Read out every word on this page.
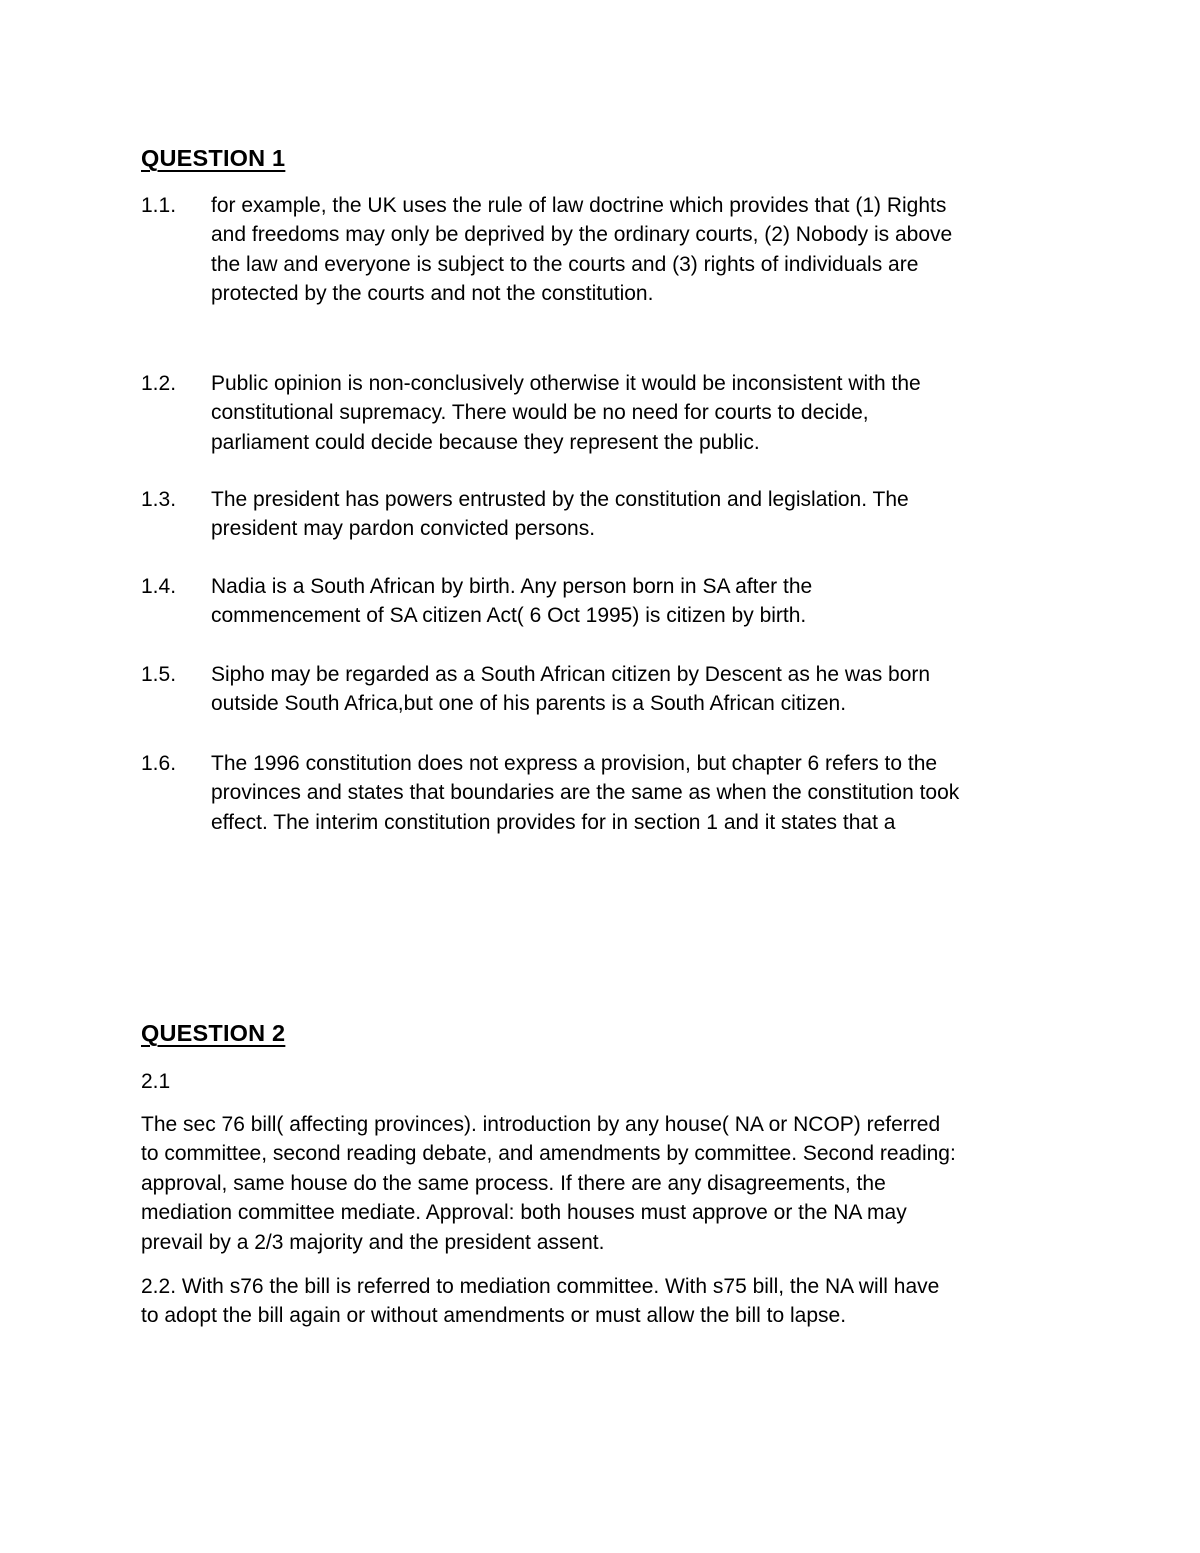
QUESTION 1
1.1.	for example, the UK uses the rule of law doctrine which provides that (1) Rights
and freedoms may only be deprived by the ordinary courts, (2) Nobody is above
the law and everyone is subject to the courts and (3) rights of individuals are
protected by the courts and not the constitution.
1.2.	Public opinion is non-conclusively otherwise it would be inconsistent with the
constitutional supremacy. There would be no need for courts to decide,
parliament could decide because they represent the public.
1.3.	The president has powers entrusted by the constitution and legislation. The
president may pardon convicted persons.
1.4.	Nadia is a South African by birth. Any person born in SA after the
commencement of SA citizen Act( 6 Oct 1995) is citizen by birth.
1.5.	Sipho may be regarded as a South African citizen by Descent as he was born
outside South Africa,but one of his parents is a South African citizen.
1.6.	The 1996 constitution does not express a provision, but chapter 6 refers to the
provinces and states that boundaries are the same as when the constitution took
effect. The interim constitution provides for in section 1 and it states that a
QUESTION 2
2.1
The sec 76 bill( affecting provinces). introduction by any house( NA or NCOP) referred
to committee, second reading debate, and amendments by committee. Second reading:
approval, same house do the same process. If there are any disagreements, the
mediation committee mediate. Approval: both houses must approve or the NA may
prevail by a 2/3 majority and the president assent.
2.2. With s76 the bill is referred to mediation committee. With s75 bill, the NA will have
to adopt the bill again or without amendments or must allow the bill to lapse.
